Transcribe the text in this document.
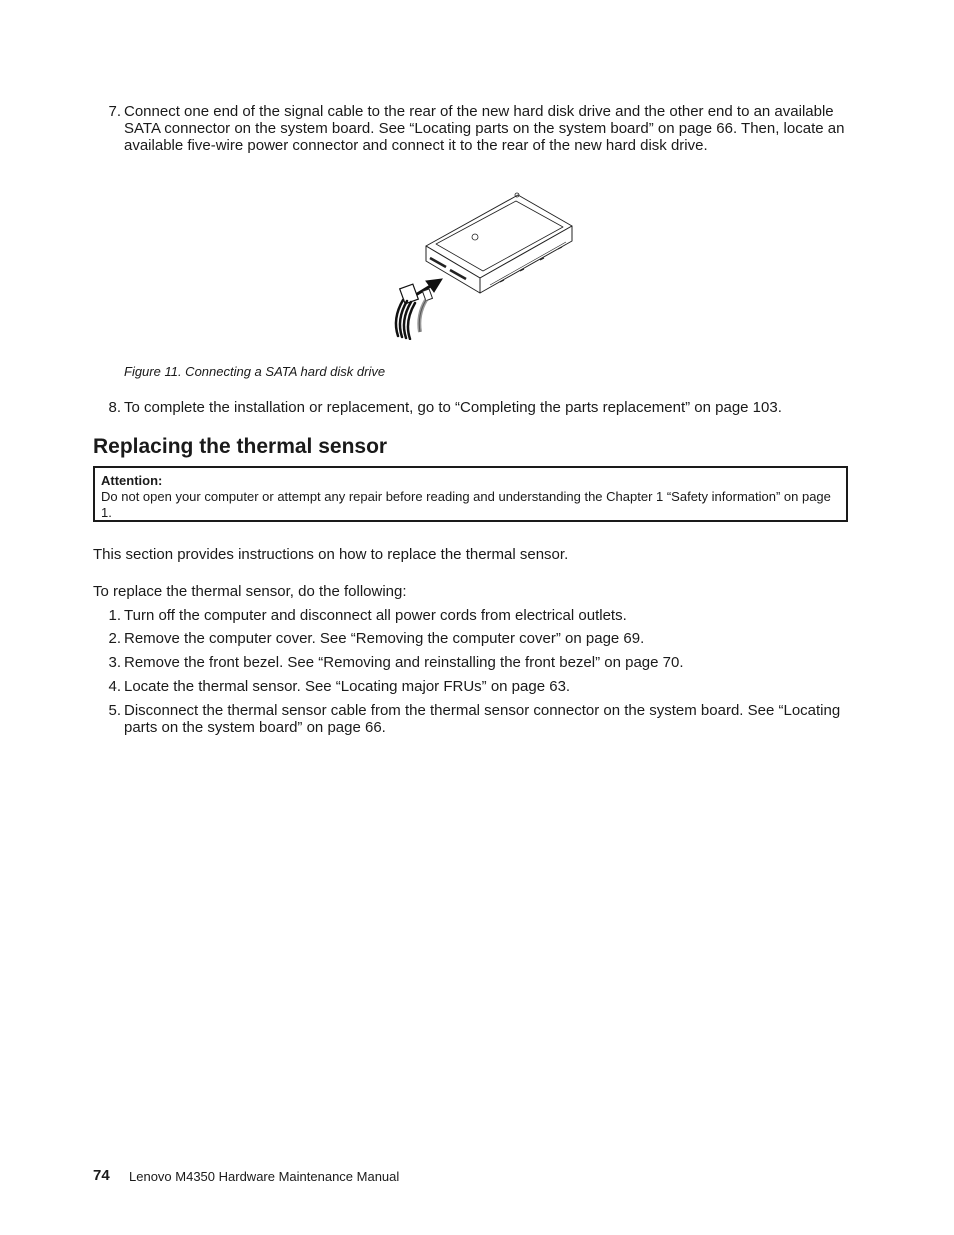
7. Connect one end of the signal cable to the rear of the new hard disk drive and the other end to an available SATA connector on the system board. See “Locating parts on the system board” on page 66. Then, locate an available five-wire power connector and connect it to the rear of the new hard disk drive.
Figure 11. Connecting a SATA hard disk drive
8. To complete the installation or replacement, go to “Completing the parts replacement” on page 103.
Replacing the thermal sensor
Attention:
Do not open your computer or attempt any repair before reading and understanding the Chapter 1 “Safety information” on page 1.
This section provides instructions on how to replace the thermal sensor.
To replace the thermal sensor, do the following:
1. Turn off the computer and disconnect all power cords from electrical outlets.
2. Remove the computer cover. See “Removing the computer cover” on page 69.
3. Remove the front bezel. See “Removing and reinstalling the front bezel” on page 70.
4. Locate the thermal sensor. See “Locating major FRUs” on page 63.
5. Disconnect the thermal sensor cable from the thermal sensor connector on the system board. See “Locating parts on the system board” on page 66.
74 Lenovo M4350 Hardware Maintenance Manual
